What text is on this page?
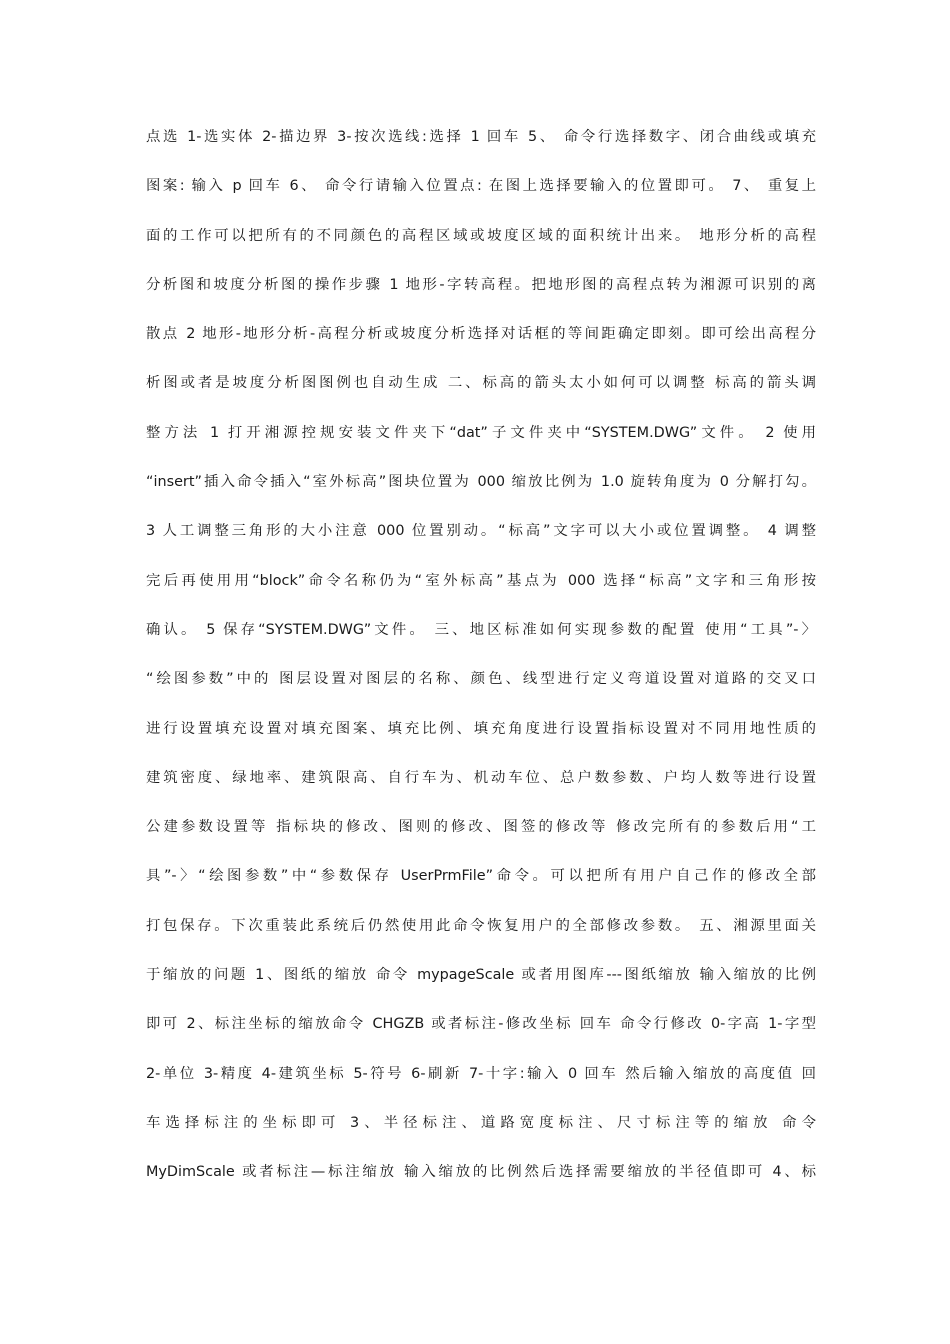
点选 1-选实体 2-描边界 3-按次选线:选择 1 回车 5、 命令行选择数字、闭合曲线或填充
图案: 输入 p 回车 6、 命令行请输入位置点: 在图上选择要输入的位置即可。 7、 重复上
面的工作可以把所有的不同颜色的高程区域或坡度区域的面积统计出来。 地形分析的高程
分析图和坡度分析图的操作步骤 1 地形-字转高程。把地形图的高程点转为湘源可识别的离
散点 2 地形-地形分析-高程分析或坡度分析选择对话框的等间距确定即刻。即可绘出高程分
析图或者是坡度分析图图例也自动生成 二、标高的箭头太小如何可以调整 标高的箭头调
整方法 1 打开湘源控规安装文件夹下“dat”子文件夹中“SYSTEM.DWG”文件。 2 使用
“insert”插入命令插入“室外标高”图块位置为 000 缩放比例为 1.0 旋转角度为 0 分解打勾。
3 人工调整三角形的大小注意 000 位置别动。“标高”文字可以大小或位置调整。 4 调整
完后再使用用“block”命令名称仍为“室外标高”基点为 000 选择“标高”文字和三角形按
确认。 5 保存“SYSTEM.DWG”文件。 三、地区标准如何实现参数的配置 使用“工具”-〉
“绘图参数”中的 图层设置对图层的名称、颜色、线型进行定义弯道设置对道路的交叉口
进行设置填充设置对填充图案、填充比例、填充角度进行设置指标设置对不同用地性质的
建筑密度、绿地率、建筑限高、自行车为、机动车位、总户数参数、户均人数等进行设置
公建参数设置等 指标块的修改、图则的修改、图签的修改等 修改完所有的参数后用“工
具”-〉“绘图参数”中“参数保存 UserPrmFile”命令。可以把所有用户自己作的修改全部
打包保存。下次重装此系统后仍然使用此命令恢复用户的全部修改参数。 五、湘源里面关
于缩放的问题 1、图纸的缩放 命令 mypageScale 或者用图库---图纸缩放 输入缩放的比例
即可 2、标注坐标的缩放命令 CHGZB 或者标注-修改坐标 回车 命令行修改 0-字高 1-字型
2-单位 3-精度 4-建筑坐标 5-符号 6-刷新 7-十字:输入 0 回车 然后输入缩放的高度值 回
车选择标注的坐标即可 3、半径标注、道路宽度标注、尺寸标注等的缩放 命令
MyDimScale 或者标注—标注缩放 输入缩放的比例然后选择需要缩放的半径值即可 4、标
